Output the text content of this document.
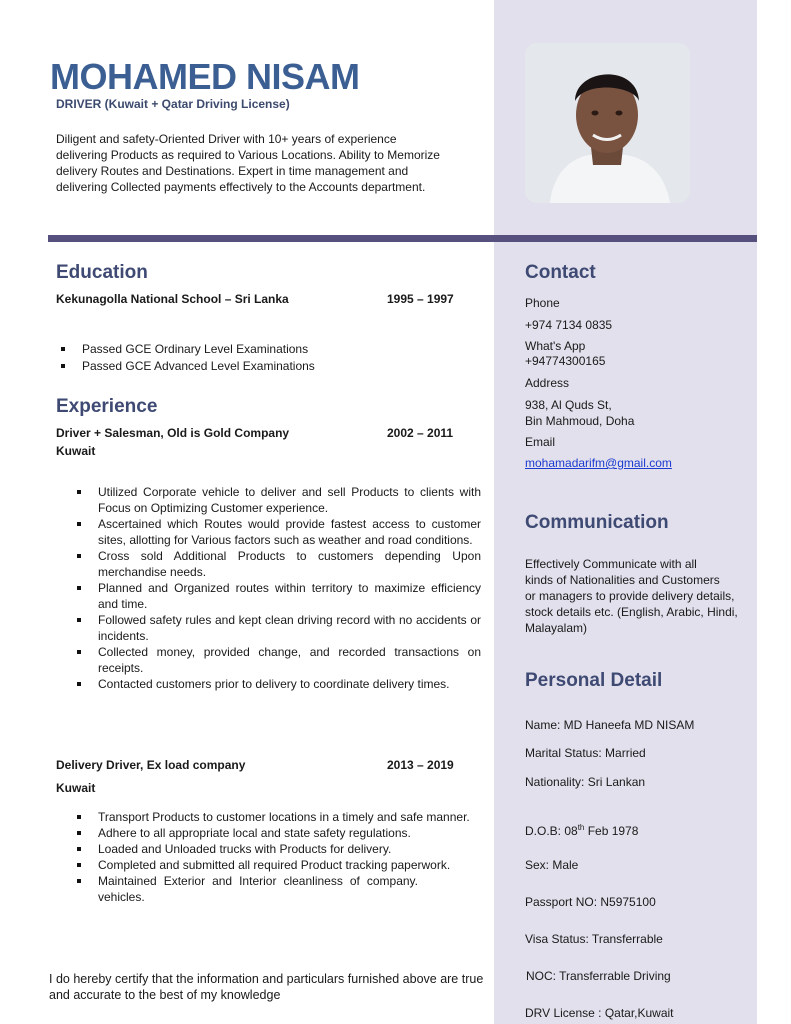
MOHAMED NISAM
DRIVER (Kuwait + Qatar Driving License)
Diligent and safety-Oriented Driver with 10+ years of experience
delivering Products as required to Various Locations. Ability to Memorize
delivery Routes and Destinations. Expert in time management and
delivering Collected payments effectively to the Accounts department.
Education
Kekunagolla National School – Sri Lanka	1995 – 1997
Passed GCE Ordinary Level Examinations
Passed GCE Advanced Level Examinations
Experience
Driver + Salesman, Old is Gold Company	2002 – 2011
Kuwait
Utilized Corporate vehicle to deliver and sell Products to clients with Focus on Optimizing Customer experience.
Ascertained which Routes would provide fastest access to customer sites, allotting for Various factors such as weather and road conditions.
Cross sold Additional Products to customers depending Upon merchandise needs.
Planned and Organized routes within territory to maximize efficiency and time.
Followed safety rules and kept clean driving record with no accidents or incidents.
Collected money, provided change, and recorded transactions on receipts.
Contacted customers prior to delivery to coordinate delivery times.
Delivery Driver, Ex load company	2013 – 2019
Kuwait
Transport Products to customer locations in a timely and safe manner.
Adhere to all appropriate local and state safety regulations.
Loaded and Unloaded trucks with Products for delivery.
Completed and submitted all required Product tracking paperwork.
Maintained Exterior and Interior cleanliness of company. vehicles.
I do hereby certify that the information and particulars furnished above are true and accurate to the best of my knowledge
Contact
Phone
+974 7134 0835
What's App
+94774300165
Address
938, Al Quds St,
Bin Mahmoud, Doha
Email
mohamadarifm@gmail.com
Communication
Effectively Communicate with all
kinds of Nationalities and Customers
or managers to provide delivery details,
stock details etc. (English, Arabic, Hindi,
Malayalam)
Personal Detail
Name: MD Haneefa MD NISAM
Marital Status: Married
Nationality: Sri Lankan
D.O.B: 08th Feb 1978
Sex: Male
Passport NO: N5975100
Visa Status: Transferrable
NOC: Transferrable Driving
DRV License : Qatar,Kuwait
